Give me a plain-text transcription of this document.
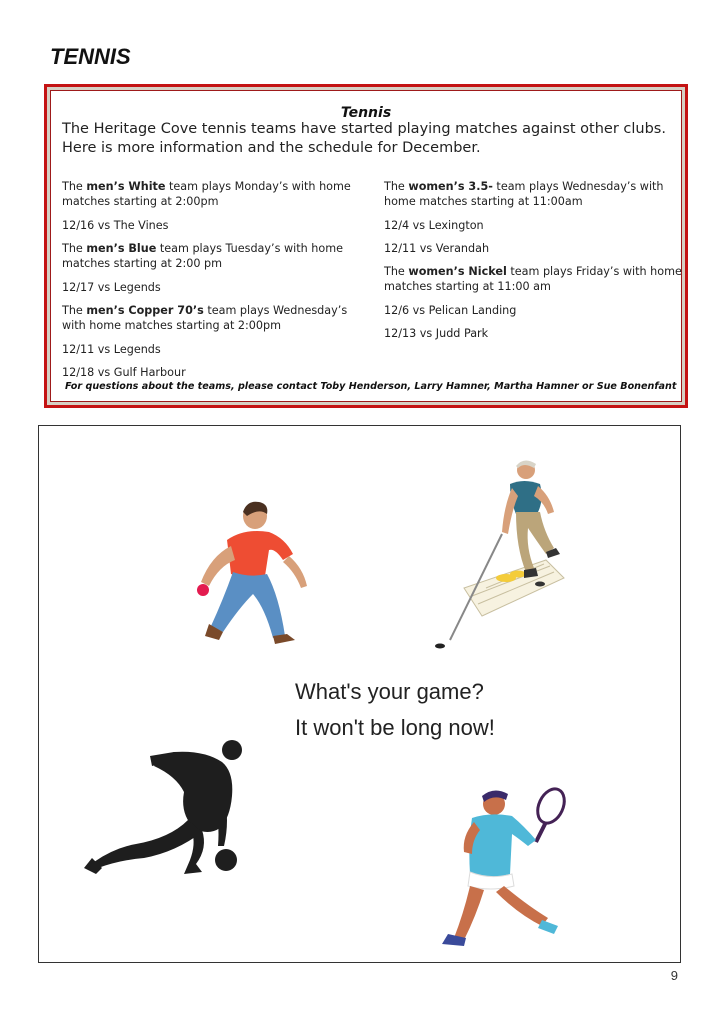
TENNIS
Tennis
The Heritage Cove tennis teams have started playing matches against other clubs. Here is more information and the schedule for December.

The men’s White team plays Monday’s with home matches starting at 2:00pm

12/16 vs The Vines

The men’s Blue team plays Tuesday’s with home matches starting at 2:00 pm

12/17 vs Legends

The men’s Copper 70’s team plays Wednesday’s with home matches starting at 2:00pm

12/11 vs Legends

12/18 vs Gulf Harbour

The women’s 3.5- team plays Wednesday’s with home matches starting at 11:00am

12/4 vs Lexington

12/11 vs Verandah

The women’s Nickel team plays Friday’s with home matches starting at 11:00 am

12/6 vs Pelican Landing

12/13 vs Judd Park

For questions about the teams, please contact Toby Henderson, Larry Hamner, Martha Hamner or Sue Bonenfant
What's your game?
It won't be long now!
9
